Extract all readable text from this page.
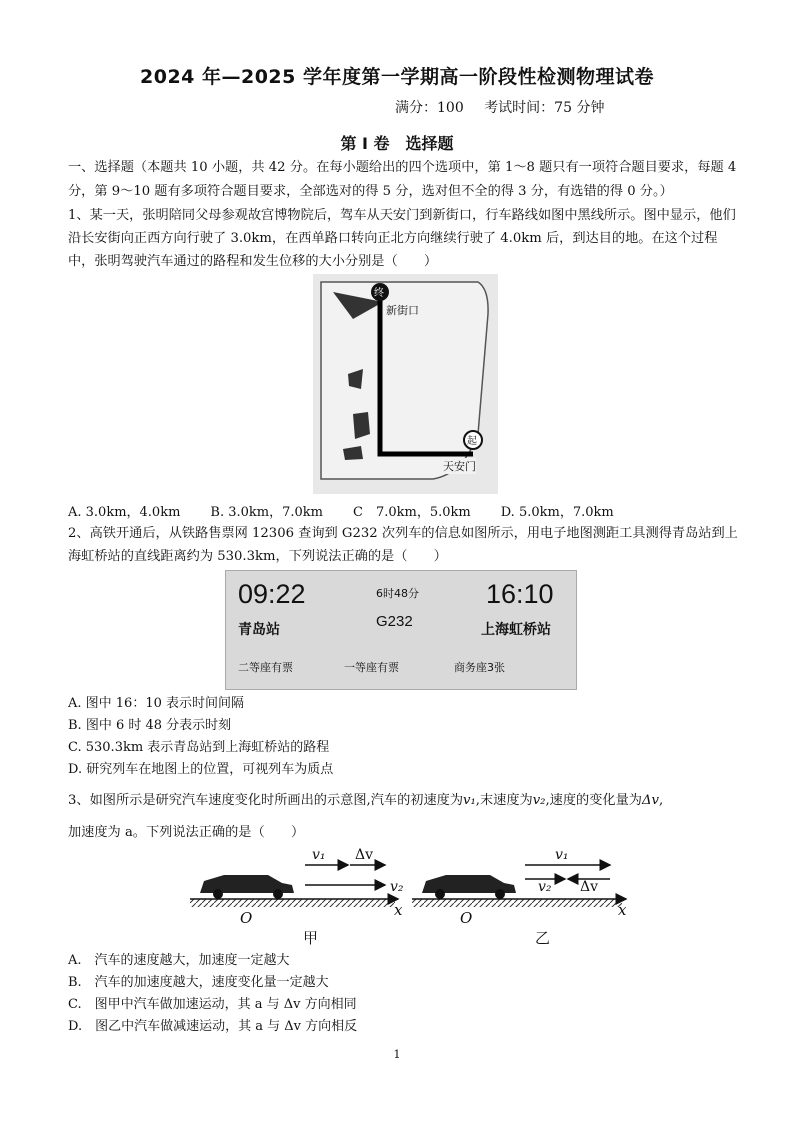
2024 年—2025 学年度第一学期高一阶段性检测物理试卷
满分：100 考试时间：75 分钟
第 I 卷　选择题
一、选择题（本题共 10 小题，共 42 分。在每小题给出的四个选项中，第 1～8 题只有一项符合题目要求，每题 4 分，第 9～10 题有多项符合题目要求，全部选对的得 5 分，选对但不全的得 3 分，有选错的得 0 分。）
1、某一天，张明陪同父母参观故宫博物院后，驾车从天安门到新街口，行车路线如图中黑线所示。图中显示，他们沿长安街向正西方向行驶了 3.0km，在西单路口转向正北方向继续行驶了 4.0km 后，到达目的地。在这个过程中，张明驾驶汽车通过的路程和发生位移的大小分别是（　　）
终
起
新街口
天安门
A. 3.0km，4.0km B. 3.0km，7.0km C　7.0km，5.0km D. 5.0km，7.0km
2、高铁开通后，从铁路售票网 12306 查询到 G232 次列车的信息如图所示，用电子地图测距工具测得青岛站到上海虹桥站的直线距离约为 530.3km，下列说法正确的是（　　）
09:22	6时48分 16:10
青岛站	G232	上海虹桥站
二等座有票	一等座有票	商务座3张
A. 图中 16：10 表示时间间隔
B. 图中 6 时 48 分表示时刻
C. 530.3km 表示青岛站到上海虹桥站的路程
D. 研究列车在地图上的位置，可视列车为质点
3、如图所示是研究汽车速度变化时所画出的示意图,汽车的初速度为v₁,末速度为v₂,速度的变化量为Δv,
加速度为 a。下列说法正确的是（　　）
v₁ Δv
v₂
O	x
v₁
v₂ Δv
O	x
甲	乙
A.　汽车的速度越大，加速度一定越大
B.　汽车的加速度越大，速度变化量一定越大
C.　图甲中汽车做加速运动，其 a 与 Δv 方向相同
D.　图乙中汽车做减速运动，其 a 与 Δv 方向相反
1
